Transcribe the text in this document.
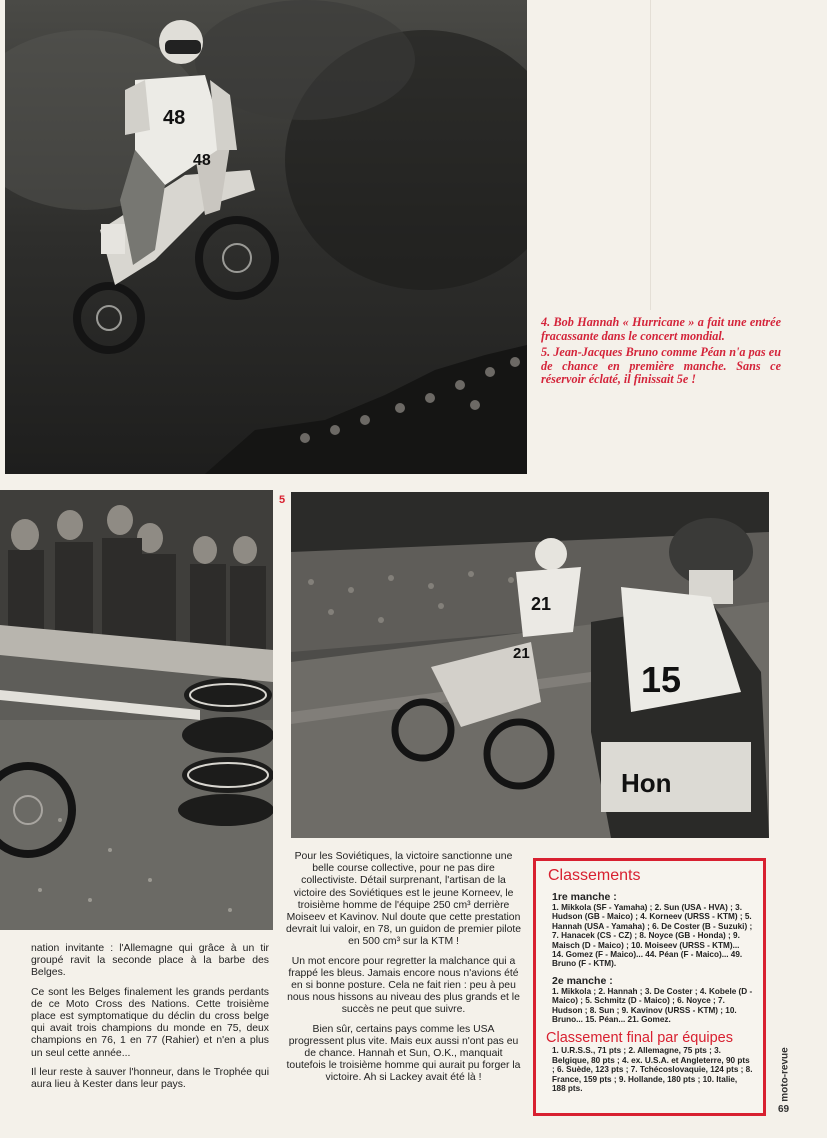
48
48
5
21
21
15
Hon

4. Bob Hannah « Hurricane » a fait une entrée fracassante dans le concert mondial.

5. Jean-Jacques Bruno comme Péan n'a pas eu de chance en première manche. Sans ce réservoir éclaté, il finissait 5e !

nation invitante : l'Allemagne qui grâce à un tir groupé ravit la seconde place à la barbe des Belges.

Ce sont les Belges finalement les grands perdants de ce Moto Cross des Nations. Cette troisième place est symptomatique du déclin du cross belge qui avait trois champions du monde en 75, deux champions en 76, 1 en 77 (Rahier) et n'en a plus un seul cette année...

Il leur reste à sauver l'honneur, dans le Trophée qui aura lieu à Kester dans leur pays.

Pour les Soviétiques, la victoire sanctionne une belle course collective, pour ne pas dire collectiviste. Détail surprenant, l'artisan de la victoire des Soviétiques est le jeune Korneev, le troisième homme de l'équipe 250 cm³ derrière Moiseev et Kavinov. Nul doute que cette prestation devrait lui valoir, en 78, un guidon de premier pilote en 500 cm³ sur la KTM !

Un mot encore pour regretter la malchance qui a frappé les bleus. Jamais encore nous n'avions été en si bonne posture. Cela ne fait rien : peu à peu nous nous hissons au niveau des plus grands et le succès ne peut que suivre.

Bien sûr, certains pays comme les USA progressent plus vite. Mais eux aussi n'ont pas eu de chance. Hannah et Sun, O.K., manquait toutefois le troisième homme qui aurait pu forger la victoire. Ah si Lackey avait été là !

Classements
1re manche :

1. Mikkola (SF - Yamaha) ; 2. Sun (USA - HVA) ; 3. Hudson (GB - Maico) ; 4. Korneev (URSS - KTM) ; 5. Hannah (USA - Yamaha) ; 6. De Coster (B - Suzuki) ; 7. Hanacek (CS - CZ) ; 8. Noyce (GB - Honda) ; 9. Maisch (D - Maico) ; 10. Moiseev (URSS - KTM)... 14. Gomez (F - Maico)... 44. Péan (F - Maico)... 49. Bruno (F - KTM).

2e manche :

1. Mikkola ; 2. Hannah ; 3. De Coster ; 4. Kobele (D - Maico) ; 5. Schmitz (D - Maico) ; 6. Noyce ; 7. Hudson ; 8. Sun ; 9. Kavinov (URSS - KTM) ; 10. Bruno... 15. Péan... 21. Gomez.

Classement final par équipes

1. U.R.S.S., 71 pts ; 2. Allemagne, 75 pts ; 3. Belgique, 80 pts ; 4. ex. U.S.A. et Angleterre, 90 pts ; 6. Suède, 123 pts ; 7. Tchécoslovaquie, 124 pts ; 8. France, 159 pts ; 9. Hollande, 180 pts ; 10. Italie, 188 pts.	moto-revue
69
